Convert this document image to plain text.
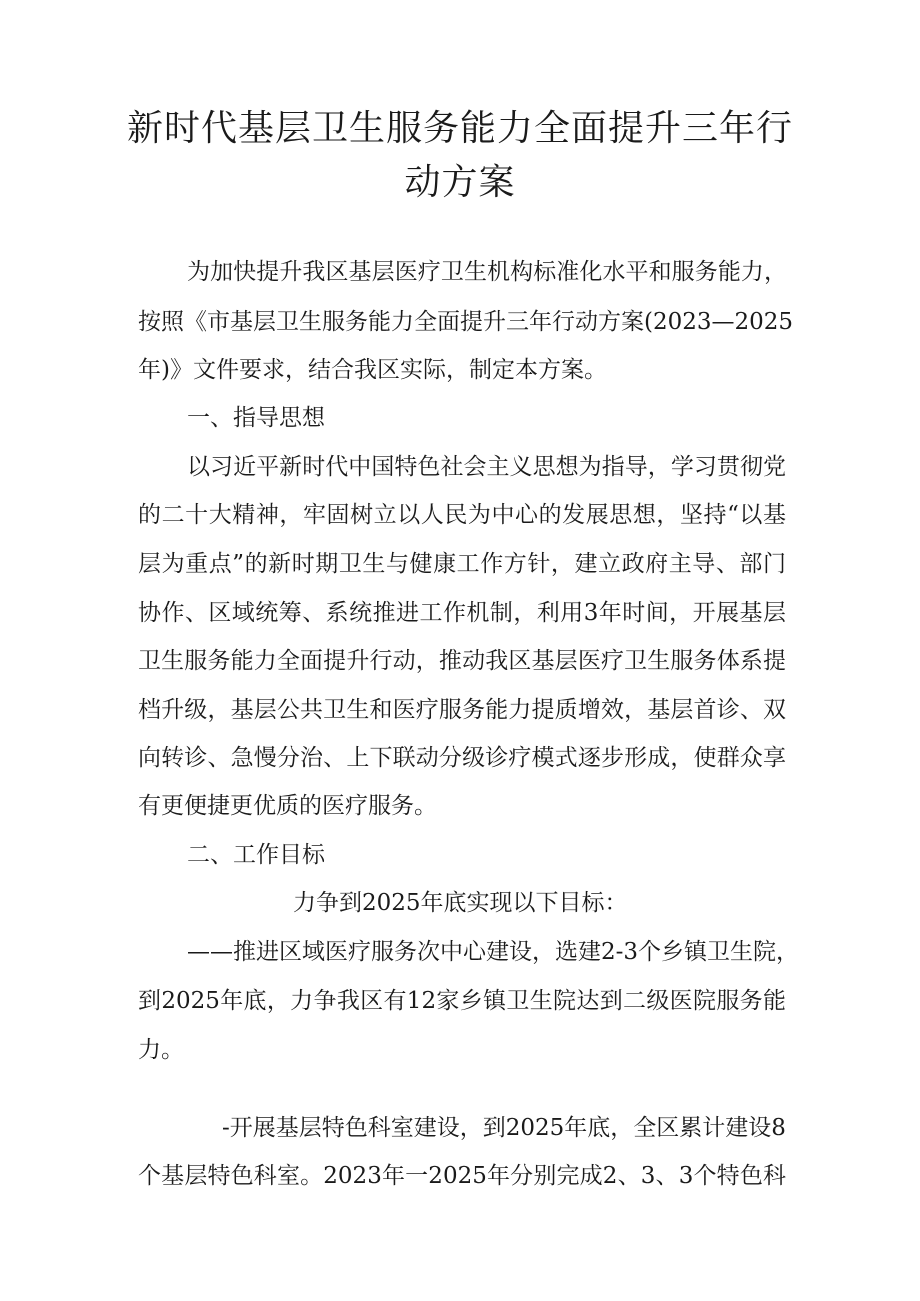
新时代基层卫生服务能力全面提升三年行
动方案
为加快提升我区基层医疗卫生机构标准化水平和服务能力，
按照《市基层卫生服务能力全面提升三年行动方案(2023—2025
年)》文件要求，结合我区实际，制定本方案。
一、指导思想
以习近平新时代中国特色社会主义思想为指导，学习贯彻党
的二十大精神，牢固树立以人民为中心的发展思想，坚持“以基
层为重点”的新时期卫生与健康工作方针，建立政府主导、部门
协作、区域统筹、系统推进工作机制，利用3年时间，开展基层
卫生服务能力全面提升行动，推动我区基层医疗卫生服务体系提
档升级，基层公共卫生和医疗服务能力提质增效，基层首诊、双
向转诊、急慢分治、上下联动分级诊疗模式逐步形成，使群众享
有更便捷更优质的医疗服务。
二、工作目标
力争到2025年底实现以下目标：
——推进区域医疗服务次中心建设，选建2-3个乡镇卫生院，
到2025年底，力争我区有12家乡镇卫生院达到二级医院服务能
力。
-开展基层特色科室建设，到2025年底，全区累计建设8
个基层特色科室。2023年一2025年分别完成2、3、3个特色科
